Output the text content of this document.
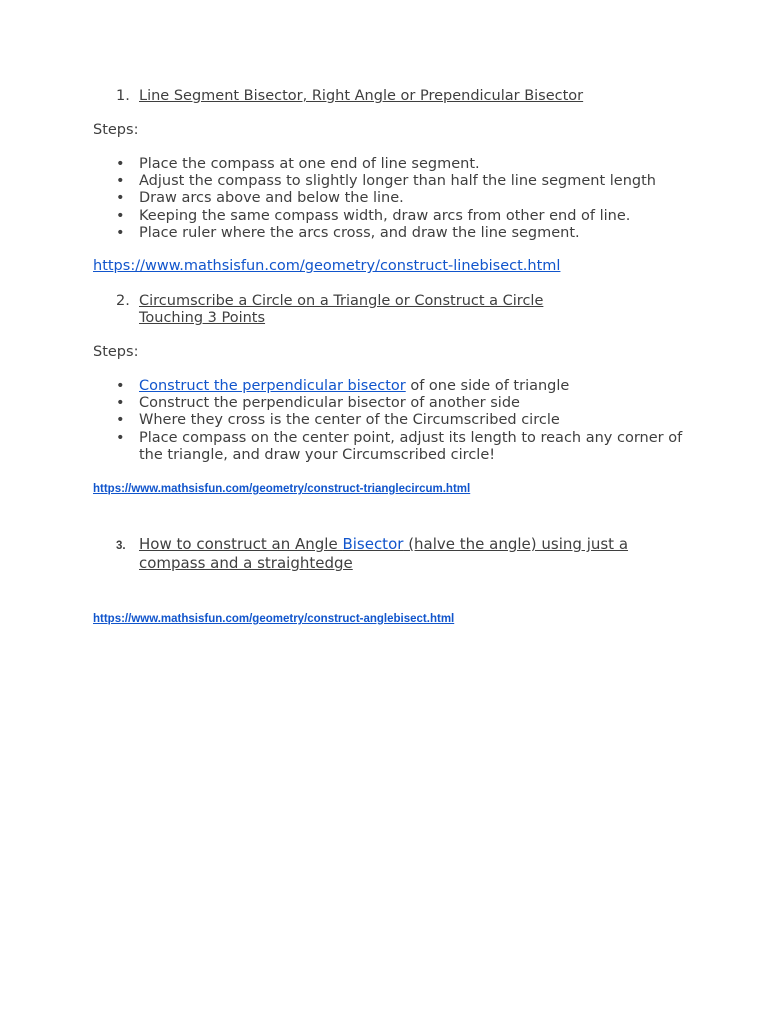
1. Line Segment Bisector, Right Angle or Prependicular Bisector
Steps:
• Place the compass at one end of line segment.
• Adjust the compass to slightly longer than half the line segment length
• Draw arcs above and below the line.
• Keeping the same compass width, draw arcs from other end of line.
• Place ruler where the arcs cross, and draw the line segment.
https://www.mathsisfun.com/geometry/construct-linebisect.html
2. Circumscribe a Circle on a Triangle or Construct a Circle
Touching 3 Points
Steps:
• Construct the perpendicular bisector of one side of triangle
• Construct the perpendicular bisector of another side
• Where they cross is the center of the Circumscribed circle
• Place compass on the center point, adjust its length to reach any corner of the triangle, and draw your Circumscribed circle!
https://www.mathsisfun.com/geometry/construct-trianglecircum.html
3. How to construct an Angle Bisector (halve the angle) using just a compass and a straightedge
https://www.mathsisfun.com/geometry/construct-anglebisect.html
